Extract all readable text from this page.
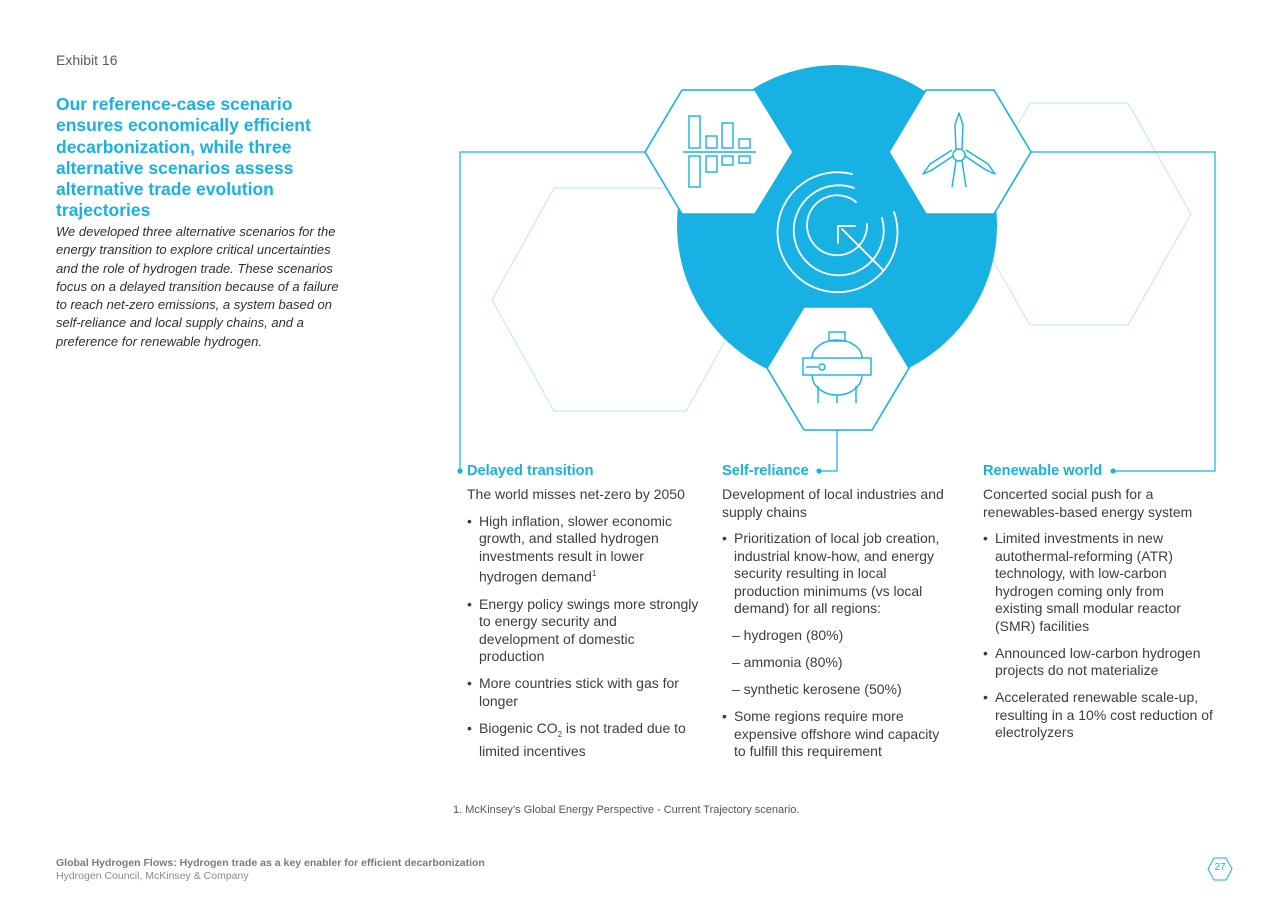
Exhibit 16
Our reference-case scenario ensures economically efficient decarbonization, while three alternative scenarios assess alternative trade evolution trajectories

We developed three alternative scenarios for the energy transition to explore critical uncertainties and the role of hydrogen trade. These scenarios focus on a delayed transition because of a failure to reach net-zero emissions, a system based on self-reliance and local supply chains, and a preference for renewable hydrogen.

Delayed transition

The world misses net-zero by 2050

• High inflation, slower economic growth, and stalled hydrogen investments result in lower hydrogen demand$^1$
• Energy policy swings more strongly to energy security and development of domestic production
• More countries stick with gas for longer
• Biogenic $CO_2$ is not traded due to limited incentives
Self-reliance

Development of local industries and supply chains

• Prioritization of local job creation, industrial know-how, and energy security resulting in local production minimums (vs local demand) for all regions:
– hydrogen (80%)
– ammonia (80%)
– synthetic kerosene (50%)
• Some regions require more expensive offshore wind capacity to fulfill this requirement
Renewable world

Concerted social push for a renewables-based energy system

• Limited investments in new autothermal-reforming (ATR) technology, with low-carbon hydrogen coming only from existing small modular reactor (SMR) facilities
• Announced low-carbon hydrogen projects do not materialize
• Accelerated renewable scale-up, resulting in a 10% cost reduction of electrolyzers
1. McKinsey’s Global Energy Perspective - Current Trajectory scenario.
Global Hydrogen Flows: Hydrogen trade as a key enabler for efficient decarbonization
Hydrogen Council, McKinsey & Company
27
